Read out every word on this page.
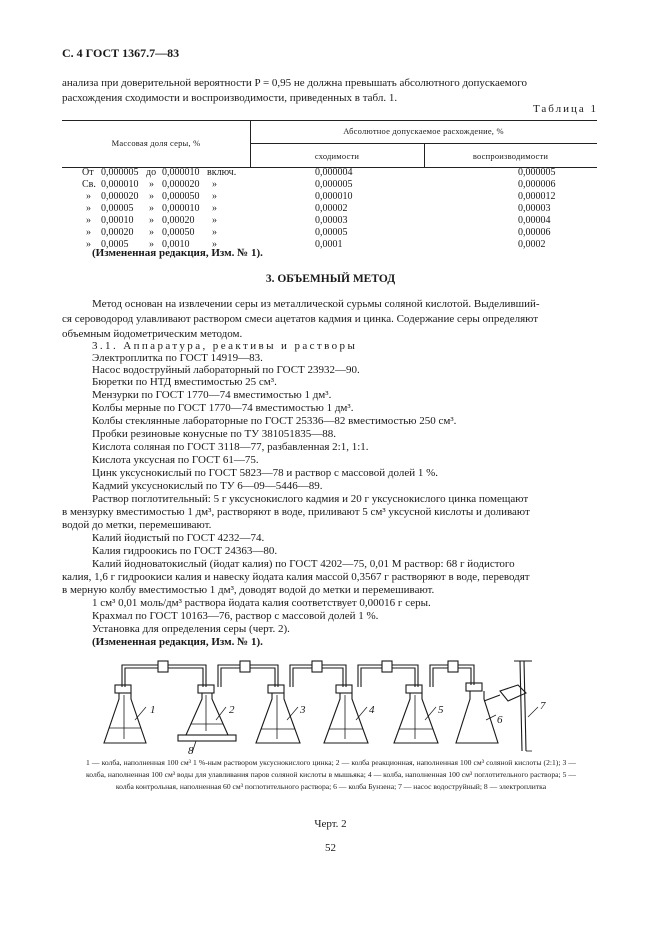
С. 4 ГОСТ 1367.7—83
анализа при доверительной вероятности P = 0,95 не должна превышать абсолютного допускаемого
расхождения сходимости и воспроизводимости, приведенных в табл. 1.
Таблица 1
Массовая доля серы, %
Абсолютное допускаемое расхождение, %
сходимости	воспроизводимости
От 0,000005 до 0,000010 включ.	0,000004	0,000005
Св. 0,000010 » 0,000020 »	0,000005	0,000006
» 0,000020 » 0,000050 »	0,000010	0,000012
» 0,00005 » 0,000010 »	0,00002	0,00003
» 0,00010 » 0,00020 »	0,00003	0,00004
» 0,00020 » 0,00050 »	0,00005	0,00006
» 0,0005 » 0,0010 »	0,0001	0,0002
(Измененная редакция, Изм. № 1).
3. ОБЪЕМНЫЙ МЕТОД
Метод основан на извлечении серы из металлической сурьмы соляной кислотой. Выделивший-
ся сероводород улавливают раствором смеси ацетатов кадмия и цинка. Содержание серы определяют
объемным йодометрическим методом.
3.1. Аппаратура, реактивы и растворы
Электроплитка по ГОСТ 14919—83.
Насос водоструйный лабораторный по ГОСТ 23932—90.
Бюретки по НТД вместимостью 25 см³.
Мензурки по ГОСТ 1770—74 вместимостью 1 дм³.
Колбы мерные по ГОСТ 1770—74 вместимостью 1 дм³.
Колбы стеклянные лабораторные по ГОСТ 25336—82 вместимостью 250 см³.
Пробки резиновые конусные по ТУ 381051835—88.
Кислота соляная по ГОСТ 3118—77, разбавленная 2:1, 1:1.
Кислота уксусная по ГОСТ 61—75.
Цинк уксуснокислый по ГОСТ 5823—78 и раствор с массовой долей 1 %.
Кадмий уксуснокислый по ТУ 6—09—5446—89.
Раствор поглотительный: 5 г уксуснокислого кадмия и 20 г уксуснокислого цинка помещают
в мензурку вместимостью 1 дм³, растворяют в воде, приливают 5 см³ уксусной кислоты и доливают
водой до метки, перемешивают.
Калий йодистый по ГОСТ 4232—74.
Калия гидроокись по ГОСТ 24363—80.
Калий йодноватокислый (йодат калия) по ГОСТ 4202—75, 0,01 М раствор: 68 г йодистого
калия, 1,6 г гидроокиси калия и навеску йодата калия массой 0,3567 г растворяют в воде, переводят
в мерную колбу вместимостью 1 дм³, доводят водой до метки и перемешивают.
1 см³ 0,01 моль/дм³ раствора йодата калия соответствует 0,00016 г серы.
Крахмал по ГОСТ 10163—76, раствор с массовой долей 1 %.
Установка для определения серы (черт. 2).
(Измененная редакция, Изм. № 1).
1	2	3	4	5
6
7
8
1 — колба, наполненная 100 см³ 1 %-ным раствором уксуснокислого цинка; 2 — колба реакционная, наполненная 100 см³ соляной кислоты (2:1); 3 — колба, наполненная 100 см³ воды для улавливания паров соляной кислоты в мышьяка; 4 — колба, наполненная 100 см³ поглотительного раствора; 5 — колба контрольная, наполненная 60 см³ поглотительного раствора; 6 — колба Бунзена; 7 — насос водоструйный; 8 — электроплитка
Черт. 2
52
